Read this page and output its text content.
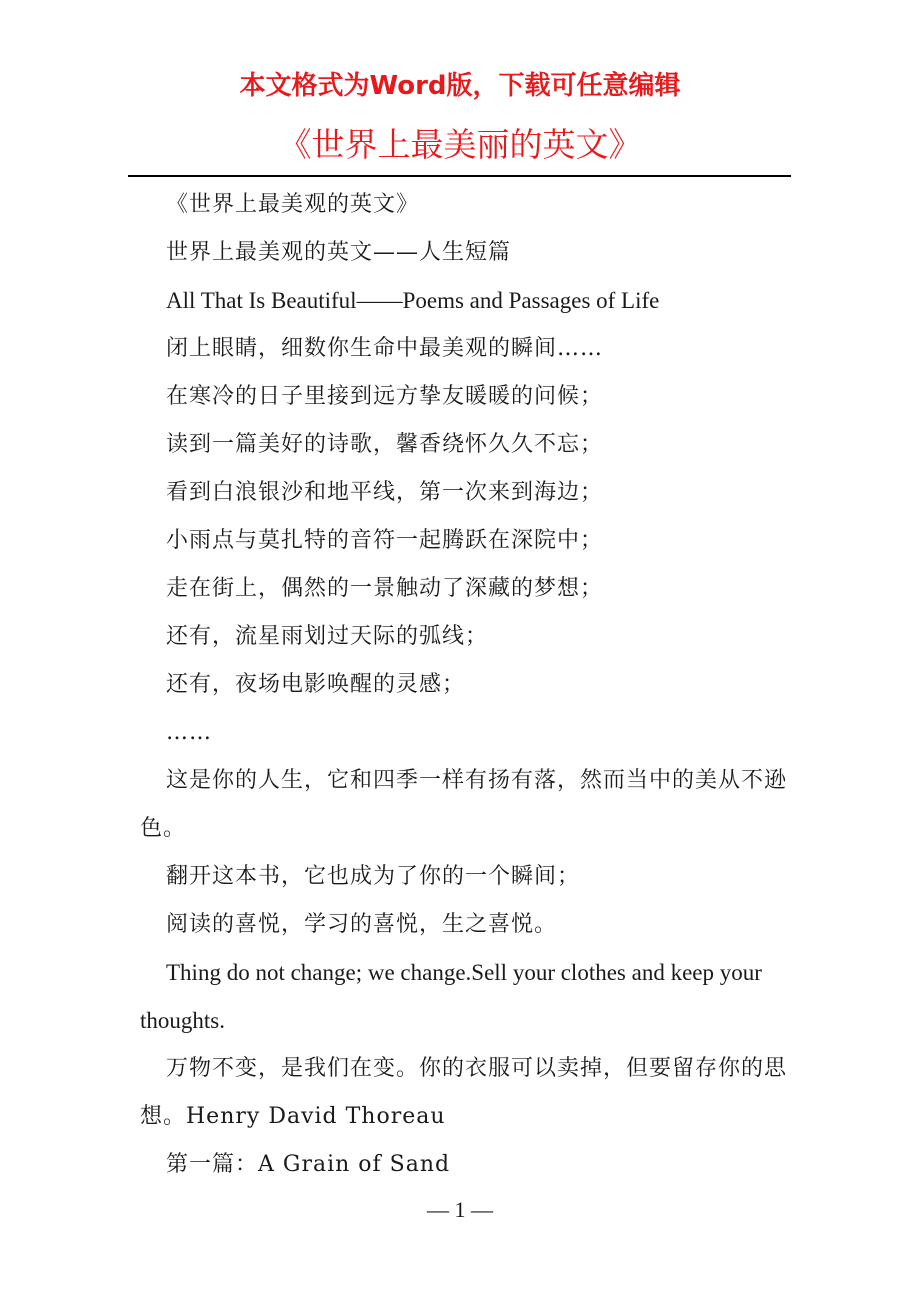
本文格式为Word版，下载可任意编辑
《世界上最美丽的英文》

《世界上最美观的英文》

世界上最美观的英文——人生短篇

All That Is Beautiful——Poems and Passages of Life

闭上眼睛，细数你生命中最美观的瞬间……

在寒冷的日子里接到远方挚友暖暖的问候；

读到一篇美好的诗歌，馨香绕怀久久不忘；

看到白浪银沙和地平线，第一次来到海边；

小雨点与莫扎特的音符一起腾跃在深院中；

走在街上，偶然的一景触动了深藏的梦想；

还有，流星雨划过天际的弧线；

还有，夜场电影唤醒的灵感；

……

这是你的人生，它和四季一样有扬有落，然而当中的美从不逊色。

翻开这本书，它也成为了你的一个瞬间；

阅读的喜悦，学习的喜悦，生之喜悦。

Thing do not change; we change.Sell your clothes and keep your thoughts.

万物不变，是我们在变。你的衣服可以卖掉，但要留存你的思想。Henry David Thoreau

第一篇：A Grain of Sand

— 1 —
